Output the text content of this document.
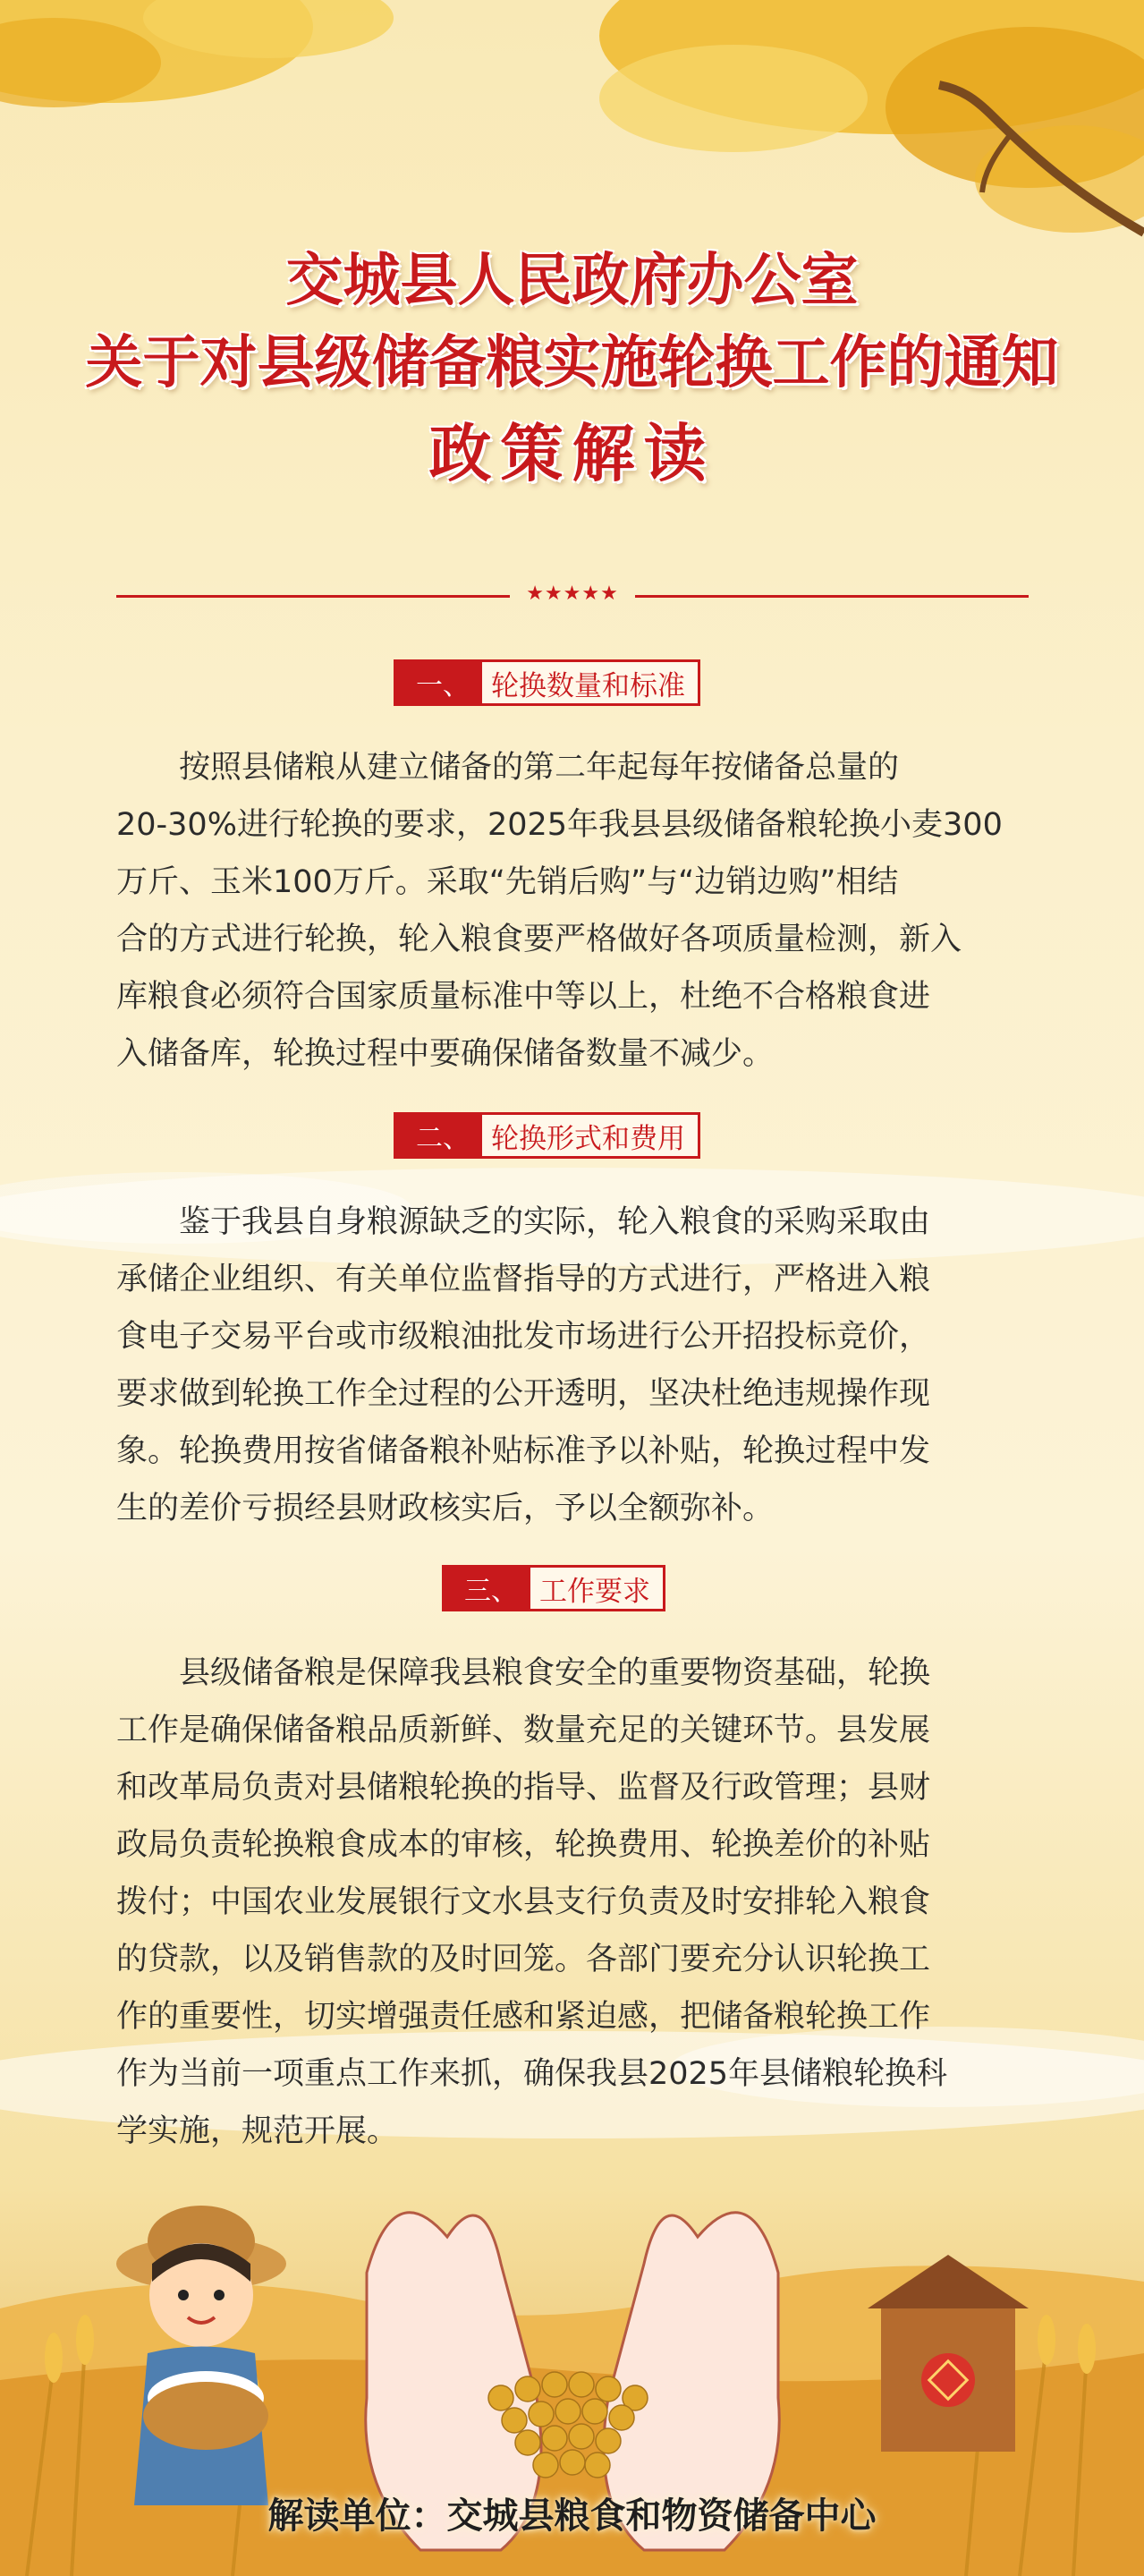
交城县人民政府办公室
关于对县级储备粮实施轮换工作的通知
政策解读
★★★★★
一、 轮换数量和标准
　　按照县储粮从建立储备的第二年起每年按储备总量的
20-30%进行轮换的要求，2025年我县县级储备粮轮换小麦300
万斤、玉米100万斤。采取“先销后购”与“边销边购”相结
合的方式进行轮换，轮入粮食要严格做好各项质量检测，新入
库粮食必须符合国家质量标准中等以上，杜绝不合格粮食进
入储备库，轮换过程中要确保储备数量不减少。
二、 轮换形式和费用
　　鉴于我县自身粮源缺乏的实际，轮入粮食的采购采取由
承储企业组织、有关单位监督指导的方式进行，严格进入粮
食电子交易平台或市级粮油批发市场进行公开招投标竞价，
要求做到轮换工作全过程的公开透明，坚决杜绝违规操作现
象。轮换费用按省储备粮补贴标准予以补贴，轮换过程中发
生的差价亏损经县财政核实后，予以全额弥补。
三、 工作要求
　　县级储备粮是保障我县粮食安全的重要物资基础，轮换
工作是确保储备粮品质新鲜、数量充足的关键环节。县发展
和改革局负责对县储粮轮换的指导、监督及行政管理；县财
政局负责轮换粮食成本的审核，轮换费用、轮换差价的补贴
拨付；中国农业发展银行文水县支行负责及时安排轮入粮食
的贷款，以及销售款的及时回笼。各部门要充分认识轮换工
作的重要性，切实增强责任感和紧迫感，把储备粮轮换工作
作为当前一项重点工作来抓，确保我县2025年县储粮轮换科
学实施，规范开展。
解读单位：交城县粮食和物资储备中心
